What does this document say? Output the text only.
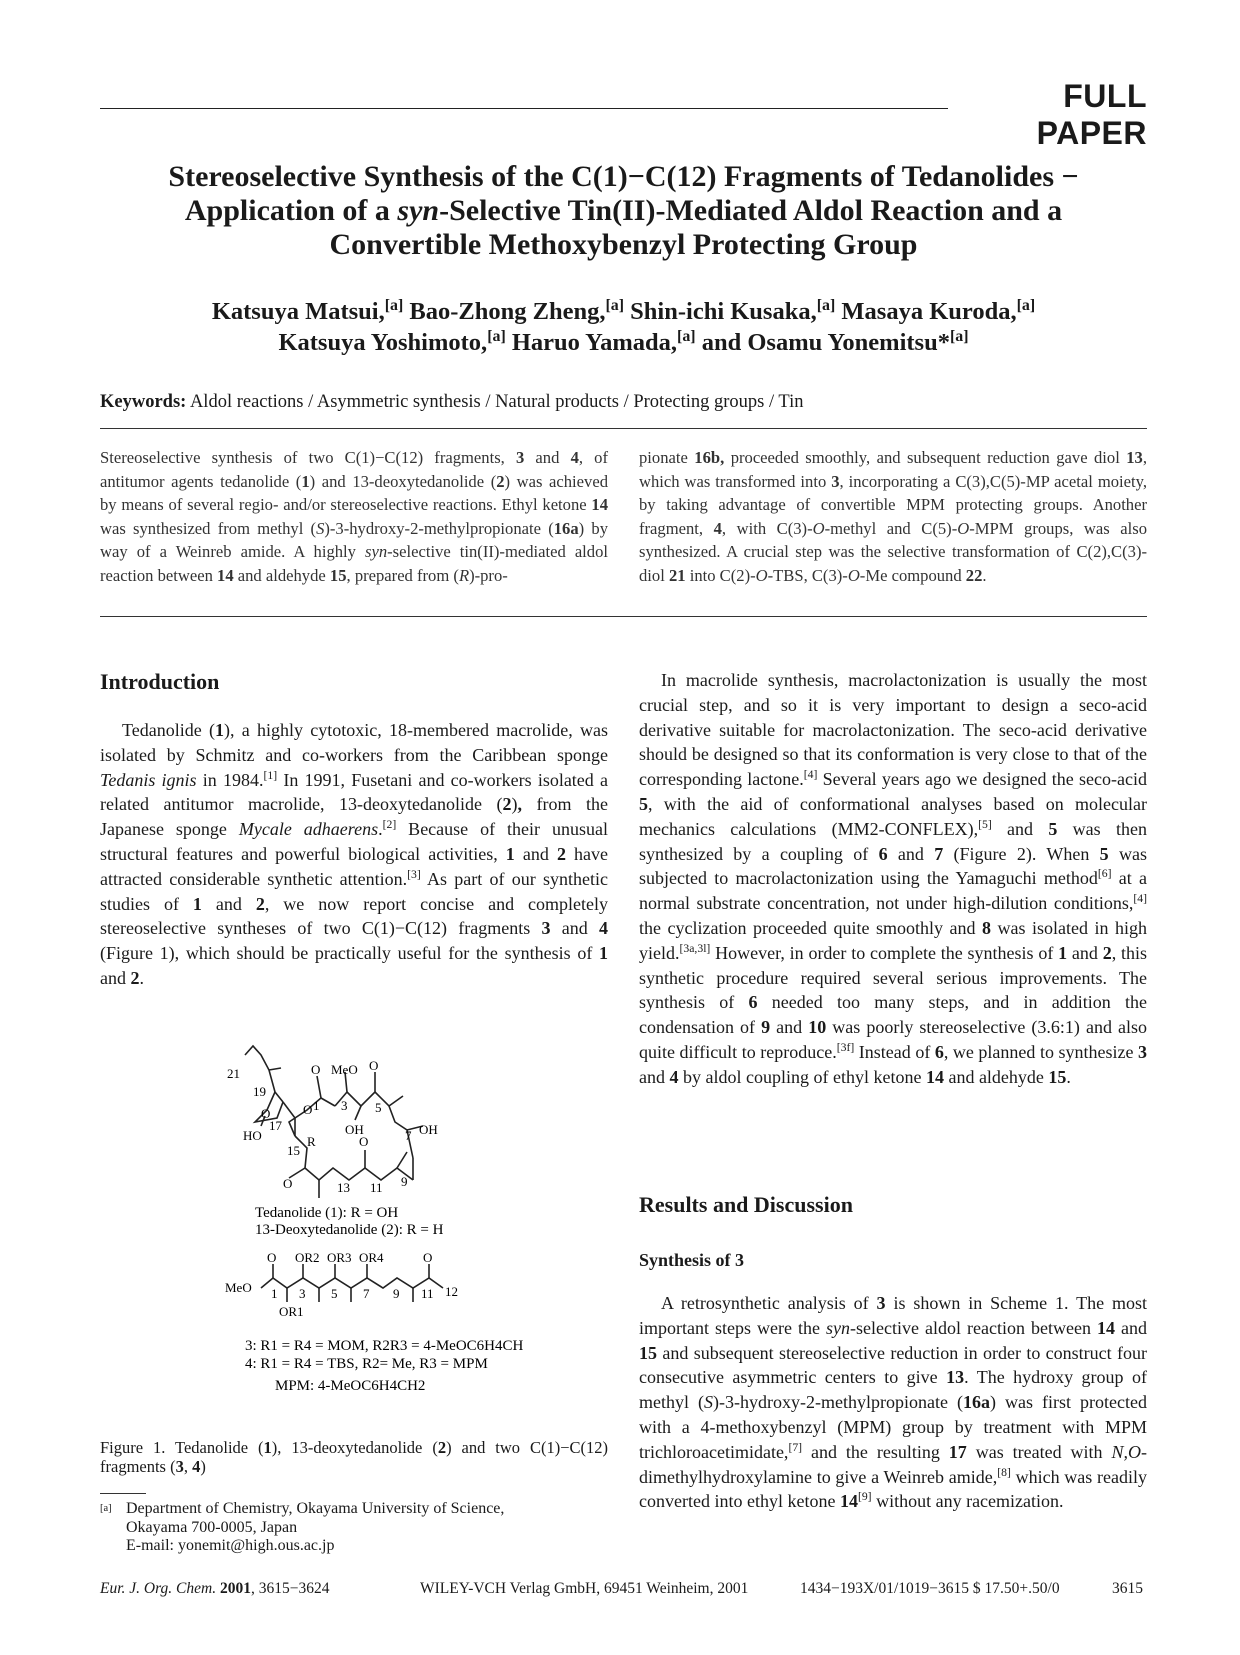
FULL PAPER
Stereoselective Synthesis of the C(1)−C(12) Fragments of Tedanolides −
Application of a syn-Selective Tin(II)-Mediated Aldol Reaction and a
Convertible Methoxybenzyl Protecting Group
Katsuya Matsui,[a] Bao-Zhong Zheng,[a] Shin-ichi Kusaka,[a] Masaya Kuroda,[a]
Katsuya Yoshimoto,[a] Haruo Yamada,[a] and Osamu Yonemitsu*[a]
Keywords: Aldol reactions / Asymmetric synthesis / Natural products / Protecting groups / Tin
Stereoselective synthesis of two C(1)−C(12) fragments, 3 and 4, of antitumor agents tedanolide (1) and 13-deoxytedanolide (2) was achieved by means of several regio- and/or stereoselective reactions. Ethyl ketone 14 was synthesized from methyl (S)-3-hydroxy-2-methylpropionate (16a) by way of a Weinreb amide. A highly syn-selective tin(II)-mediated aldol reaction between 14 and aldehyde 15, prepared from (R)-pro-
pionate 16b, proceeded smoothly, and subsequent reduction gave diol 13, which was transformed into 3, incorporating a C(3),C(5)-MP acetal moiety, by taking advantage of convertible MPM protecting groups. Another fragment, 4, with C(3)-O-methyl and C(5)-O-MPM groups, was also synthesized. A crucial step was the selective transformation of C(2),C(3)-diol 21 into C(2)-O-TBS, C(3)-O-Me compound 22.
Introduction

Tedanolide (1), a highly cytotoxic, 18-membered macrolide, was isolated by Schmitz and co-workers from the Caribbean sponge Tedanis ignis in 1984.[1] In 1991, Fusetani and co-workers isolated a related antitumor macrolide, 13-deoxytedanolide (2), from the Japanese sponge Mycale adhaerens.[2] Because of their unusual structural features and powerful biological activities, 1 and 2 have attracted considerable synthetic attention.[3] As part of our synthetic studies of 1 and 2, we now report concise and completely stereoselective syntheses of two C(1)−C(12) fragments 3 and 4 (Figure 1), which should be practically useful for the synthesis of 1 and 2.

21
19
17
15
13 11 9
7
5
3
1
O MeO O
O
OH	OH
HO	R
O
O
O
Tedanolide (1): R = OH
13-Deoxytedanolide (2): R = H
O OR2 OR3 OR4	O
MeO 1 3 5 7 9 11 12
OR1
3: R1 = R4 = MOM, R2R3 = 4-MeOC6H4CH
4: R1 = R4 = TBS, R2= Me, R3 = MPM
MPM: 4-MeOC6H4CH2
Figure 1. Tedanolide (1), 13-deoxytedanolide (2) and two C(1)−C(12) fragments (3, 4)
[a] Department of Chemistry, Okayama University of Science,
Okayama 700-0005, Japan
E-mail: yonemit@high.ous.ac.jp

In macrolide synthesis, macrolactonization is usually the most crucial step, and so it is very important to design a seco-acid derivative suitable for macrolactonization. The seco-acid derivative should be designed so that its conformation is very close to that of the corresponding lactone.[4] Several years ago we designed the seco-acid 5, with the aid of conformational analyses based on molecular mechanics calculations (MM2-CONFLEX),[5] and 5 was then synthesized by a coupling of 6 and 7 (Figure 2). When 5 was subjected to macrolactonization using the Yamaguchi method[6] at a normal substrate concentration, not under high-dilution conditions,[4] the cyclization proceeded quite smoothly and 8 was isolated in high yield.[3a,3l] However, in order to complete the synthesis of 1 and 2, this synthetic procedure required several serious improvements. The synthesis of 6 needed too many steps, and in addition the condensation of 9 and 10 was poorly stereoselective (3.6:1) and also quite difficult to reproduce.[3f] Instead of 6, we planned to synthesize 3 and 4 by aldol coupling of ethyl ketone 14 and aldehyde 15.

Results and Discussion
Synthesis of 3

A retrosynthetic analysis of 3 is shown in Scheme 1. The most important steps were the syn-selective aldol reaction between 14 and 15 and subsequent stereoselective reduction in order to construct four consecutive asymmetric centers to give 13. The hydroxy group of methyl (S)-3-hydroxy-2-methylpropionate (16a) was first protected with a 4-methoxybenzyl (MPM) group by treatment with MPM trichloroacetimidate,[7] and the resulting 17 was treated with N,O-dimethylhydroxylamine to give a Weinreb amide,[8] which was readily converted into ethyl ketone 14[9] without any racemization.

Eur. J. Org. Chem. 2001, 3615−3624	WILEY-VCH Verlag GmbH, 69451 Weinheim, 2001	1434−193X/01/1019−3615 $ 17.50+.50/0	3615
